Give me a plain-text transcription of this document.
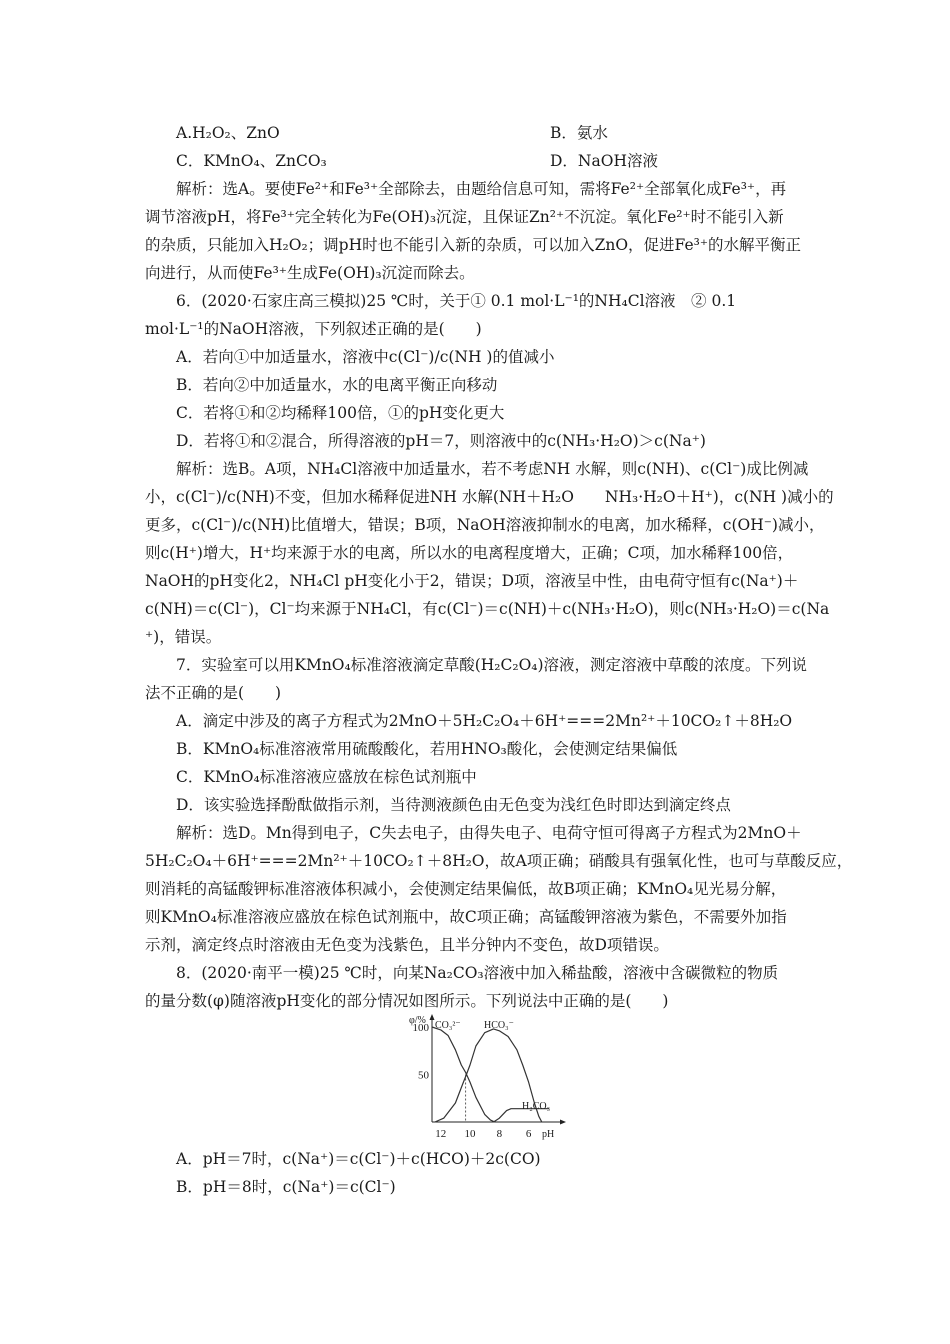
A.H₂O₂、ZnO	B．氨水
C．KMnO₄、ZnCO₃	D．NaOH溶液
解析：选A。要使Fe²⁺和Fe³⁺全部除去，由题给信息可知，需将Fe²⁺全部氧化成Fe³⁺，再
调节溶液pH，将Fe³⁺完全转化为Fe(OH)₃沉淀，且保证Zn²⁺不沉淀。氧化Fe²⁺时不能引入新
的杂质，只能加入H₂O₂；调pH时也不能引入新的杂质，可以加入ZnO，促进Fe³⁺的水解平衡正
向进行，从而使Fe³⁺生成Fe(OH)₃沉淀而除去。
6．(2020·石家庄高三模拟)25 ℃时，关于① 0.1 mol·L⁻¹的NH₄Cl溶液　② 0.1
mol·L⁻¹的NaOH溶液，下列叙述正确的是(　　)
A．若向①中加适量水，溶液中c(Cl⁻)/c(NH )的值减小
B．若向②中加适量水，水的电离平衡正向移动
C．若将①和②均稀释100倍，①的pH变化更大
D．若将①和②混合，所得溶液的pH＝7，则溶液中的c(NH₃·H₂O)＞c(Na⁺)
解析：选B。A项，NH₄Cl溶液中加适量水，若不考虑NH 水解，则c(NH)、c(Cl⁻)成比例减
小，c(Cl⁻)/c(NH)不变，但加水稀释促进NH 水解(NH＋H₂O　　NH₃·H₂O＋H⁺)，c(NH )减小的
更多，c(Cl⁻)/c(NH)比值增大，错误；B项，NaOH溶液抑制水的电离，加水稀释，c(OH⁻)减小，
则c(H⁺)增大，H⁺均来源于水的电离，所以水的电离程度增大，正确；C项，加水稀释100倍，
NaOH的pH变化2，NH₄Cl pH变化小于2，错误；D项，溶液呈中性，由电荷守恒有c(Na⁺)＋
c(NH)＝c(Cl⁻)，Cl⁻均来源于NH₄Cl，有c(Cl⁻)＝c(NH)＋c(NH₃·H₂O)，则c(NH₃·H₂O)＝c(Na
⁺)，错误。
7．实验室可以用KMnO₄标准溶液滴定草酸(H₂C₂O₄)溶液，测定溶液中草酸的浓度。下列说
法不正确的是(　　)
A．滴定中涉及的离子方程式为2MnO＋5H₂C₂O₄＋6H⁺===2Mn²⁺＋10CO₂↑＋8H₂O
B．KMnO₄标准溶液常用硫酸酸化，若用HNO₃酸化，会使测定结果偏低
C．KMnO₄标准溶液应盛放在棕色试剂瓶中
D．该实验选择酚酞做指示剂，当待测液颜色由无色变为浅红色时即达到滴定终点
解析：选D。Mn得到电子，C失去电子，由得失电子、电荷守恒可得离子方程式为2MnO＋
5H₂C₂O₄＋6H⁺===2Mn²⁺＋10CO₂↑＋8H₂O，故A项正确；硝酸具有强氧化性，也可与草酸反应，
则消耗的高锰酸钾标准溶液体积减小，会使测定结果偏低，故B项正确；KMnO₄见光易分解，
则KMnO₄标准溶液应盛放在棕色试剂瓶中，故C项正确；高锰酸钾溶液为紫色，不需要外加指
示剂，滴定终点时溶液由无色变为浅紫色，且半分钟内不变色，故D项错误。
8．(2020·南平一模)25 ℃时，向某Na₂CO₃溶液中加入稀盐酸，溶液中含碳微粒的物质
的量分数(φ)随溶液pH变化的部分情况如图所示。下列说法中正确的是(　　)
φ/%
pH
100
50
12 10 8 6
CO₃²⁻ HCO₃⁻
H₂CO₃
A．pH＝7时，c(Na⁺)＝c(Cl⁻)＋c(HCO)＋2c(CO)
B．pH＝8时，c(Na⁺)＝c(Cl⁻)
